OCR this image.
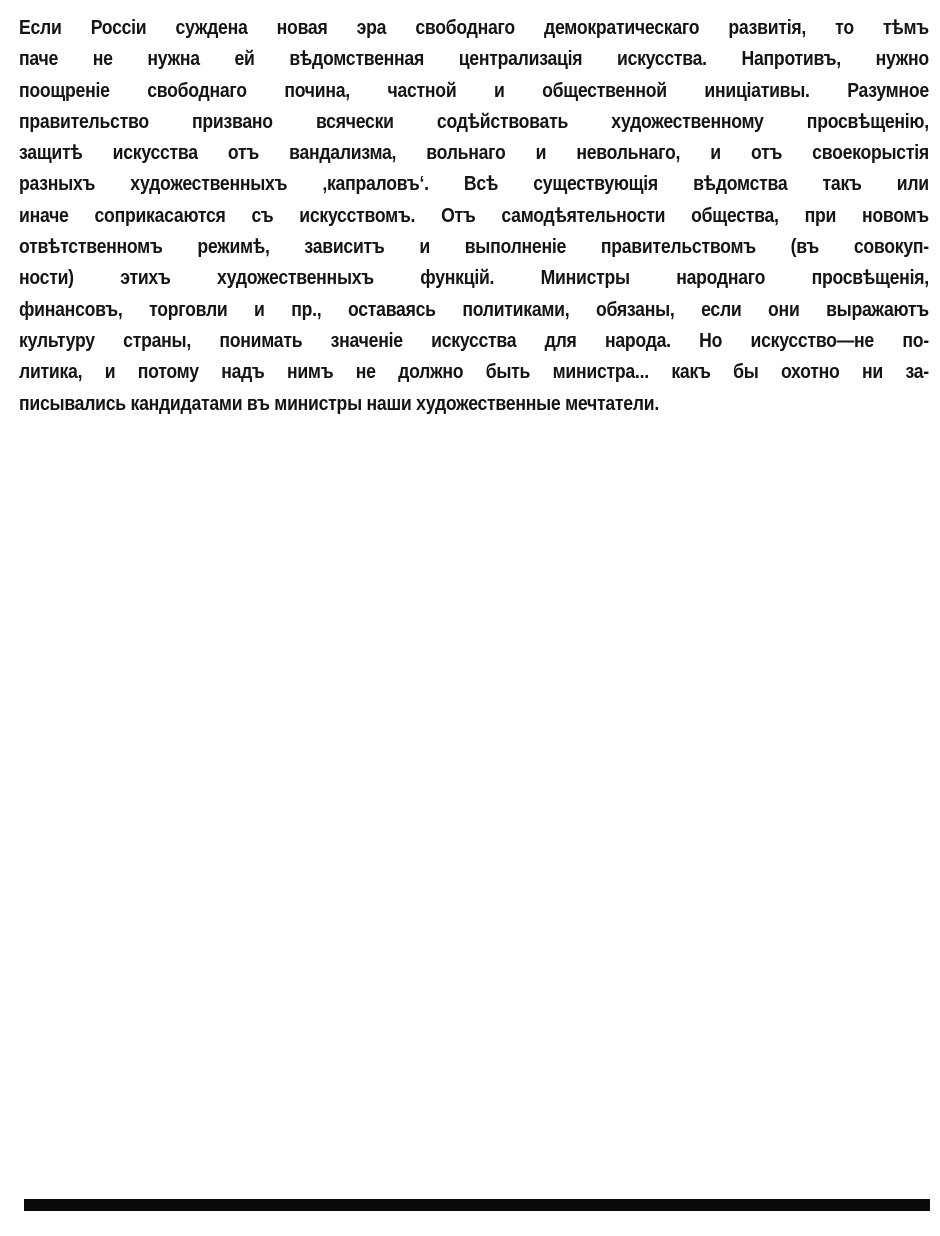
Если Россіи суждена новая эра свободнаго демократическаго развитія, то тѣмъ
паче не нужна ей вѣдомственная централизація искусства. Напротивъ, нужно
поощреніе свободнаго почина, частной и общественной иниціативы. Разумное
правительство призвано всячески содѣйствовать художественному просвѣщенію,
защитѣ искусства отъ вандализма, вольнаго и невольнаго, и отъ своекорыстія
разныхъ художественныхъ ‚капраловъ‘. Всѣ существующія вѣдомства такъ или
иначе соприкасаются съ искусствомъ. Отъ самодѣятельности общества, при новомъ
отвѣтственномъ режимѣ, зависитъ и выполненіе правительствомъ (въ совокуп-
ности) этихъ художественныхъ функцій. Министры народнаго просвѣщенія,
финансовъ, торговли и пр., оставаясь политиками, обязаны, если они выражаютъ
культуру страны, понимать значеніе искусства для народа. Но искусство—не по-
литика, и потому надъ нимъ не должно быть министра... какъ бы охотно ни за-
писывались кандидатами въ министры наши художественные мечтатели.
